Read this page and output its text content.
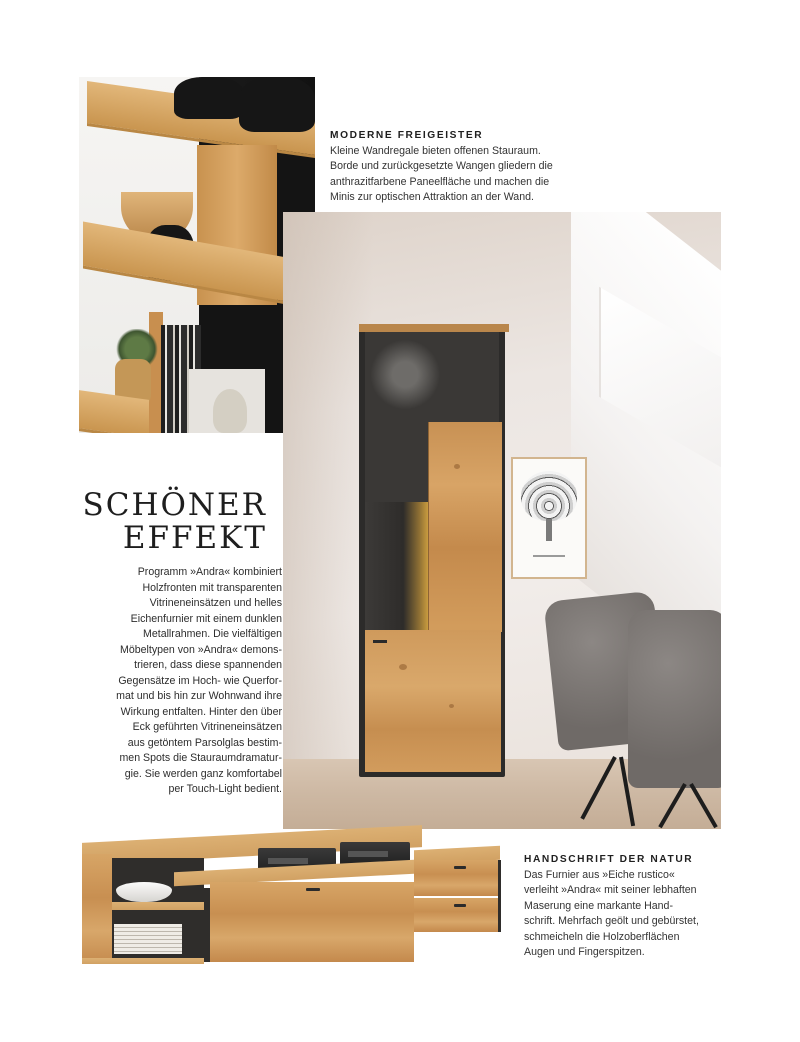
MODERNE FREIGEISTER
Kleine Wandregale bieten offenen Stauraum.
Borde und zurückgesetzte Wangen gliedern die
anthrazitfarbene Paneelfläche und machen die
Minis zur optischen Attraktion an der Wand.
SCHÖNER
EFFEKT
Programm »Andra« kombiniert
Holzfronten mit transparenten
Vitrineneinsätzen und helles
Eichenfurnier mit einem dunklen
Metallrahmen. Die vielfältigen
Möbeltypen von »Andra« demons-
trieren, dass diese spannenden
Gegensätze im Hoch- wie Querfor-
mat und bis hin zur Wohnwand ihre
Wirkung entfalten. Hinter den über
Eck geführten Vitrineneinsätzen
aus getöntem Parsolglas bestim-
men Spots die Stauraumdramatur-
gie. Sie werden ganz komfortabel
per Touch-Light bedient.
HANDSCHRIFT DER NATUR
Das Furnier aus »Eiche rustico«
verleiht »Andra« mit seiner lebhaften
Maserung eine markante Hand-
schrift. Mehrfach geölt und gebürstet,
schmeicheln die Holzoberflächen
Augen und Fingerspitzen.
